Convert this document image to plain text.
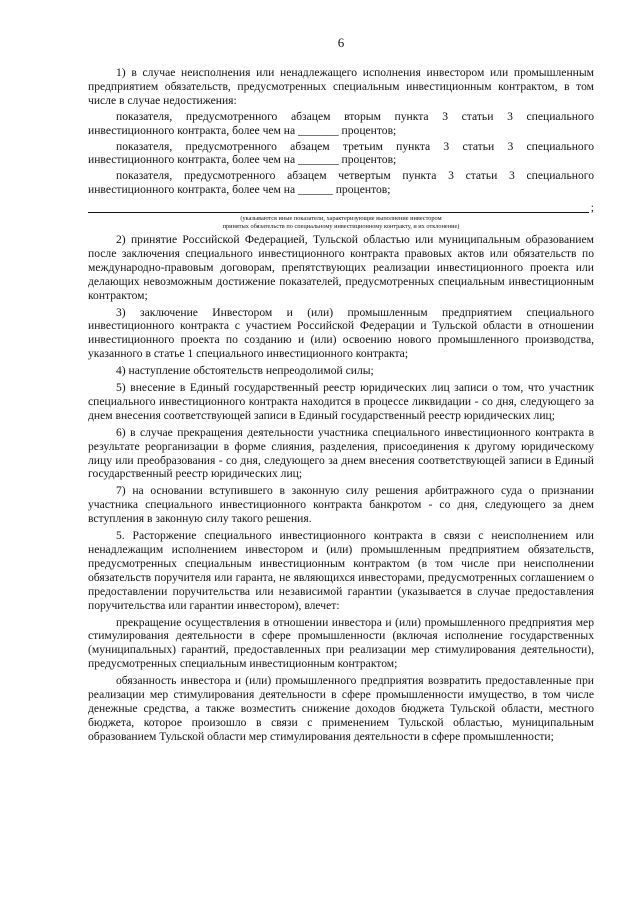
6

1) в случае неисполнения или ненадлежащего исполнения инвестором или промышленным предприятием обязательств, предусмотренных специальным инвестиционным контрактом, в том числе в случае недостижения:

показателя, предусмотренного абзацем вторым пункта 3 статьи 3 специального инвестиционного контракта, более чем на _______ процентов;

показателя, предусмотренного абзацем третьим пункта 3 статьи 3 специального инвестиционного контракта, более чем на _______ процентов;

показателя, предусмотренного абзацем четвертым пункта 3 статьи 3 специального инвестиционного контракта, более чем на ______ процентов;

;
(указываются иные показатели, характеризующие выполнение инвестором
принятых обязательств по специальному инвестиционному контракту, и их отклонение)

2) принятие Российской Федерацией, Тульской областью или муниципальным образованием после заключения специального инвестиционного контракта правовых актов или обязательств по международно-правовым договорам, препятствующих реализации инвестиционного проекта или делающих невозможным достижение показателей, предусмотренных специальным инвестиционным контрактом;

3) заключение Инвестором и (или) промышленным предприятием специального инвестиционного контракта с участием Российской Федерации и Тульской области в отношении инвестиционного проекта по созданию и (или) освоению нового промышленного производства, указанного в статье 1 специального инвестиционного контракта;

4) наступление обстоятельств непреодолимой силы;

5) внесение в Единый государственный реестр юридических лиц записи о том, что участник специального инвестиционного контракта находится в процессе ликвидации - со дня, следующего за днем внесения соответствующей записи в Единый государственный реестр юридических лиц;

6) в случае прекращения деятельности участника специального инвестиционного контракта в результате реорганизации в форме слияния, разделения, присоединения к другому юридическому лицу или преобразования - со дня, следующего за днем внесения соответствующей записи в Единый государственный реестр юридических лиц;

7) на основании вступившего в законную силу решения арбитражного суда о признании участника специального инвестиционного контракта банкротом - со дня, следующего за днем вступления в законную силу такого решения.

5. Расторжение специального инвестиционного контракта в связи с неисполнением или ненадлежащим исполнением инвестором и (или) промышленным предприятием обязательств, предусмотренных специальным инвестиционным контрактом (в том числе при неисполнении обязательств поручителя или гаранта, не являющихся инвесторами, предусмотренных соглашением о предоставлении поручительства или независимой гарантии (указывается в случае предоставления поручительства или гарантии инвестором), влечет:

прекращение осуществления в отношении инвестора и (или) промышленного предприятия мер стимулирования деятельности в сфере промышленности (включая исполнение государственных (муниципальных) гарантий, предоставленных при реализации мер стимулирования деятельности), предусмотренных специальным инвестиционным контрактом;

обязанность инвестора и (или) промышленного предприятия возвратить предоставленные при реализации мер стимулирования деятельности в сфере промышленности имущество, в том числе денежные средства, а также возместить снижение доходов бюджета Тульской области, местного бюджета, которое произошло в связи с применением Тульской областью, муниципальным образованием Тульской области мер стимулирования деятельности в сфере промышленности;
